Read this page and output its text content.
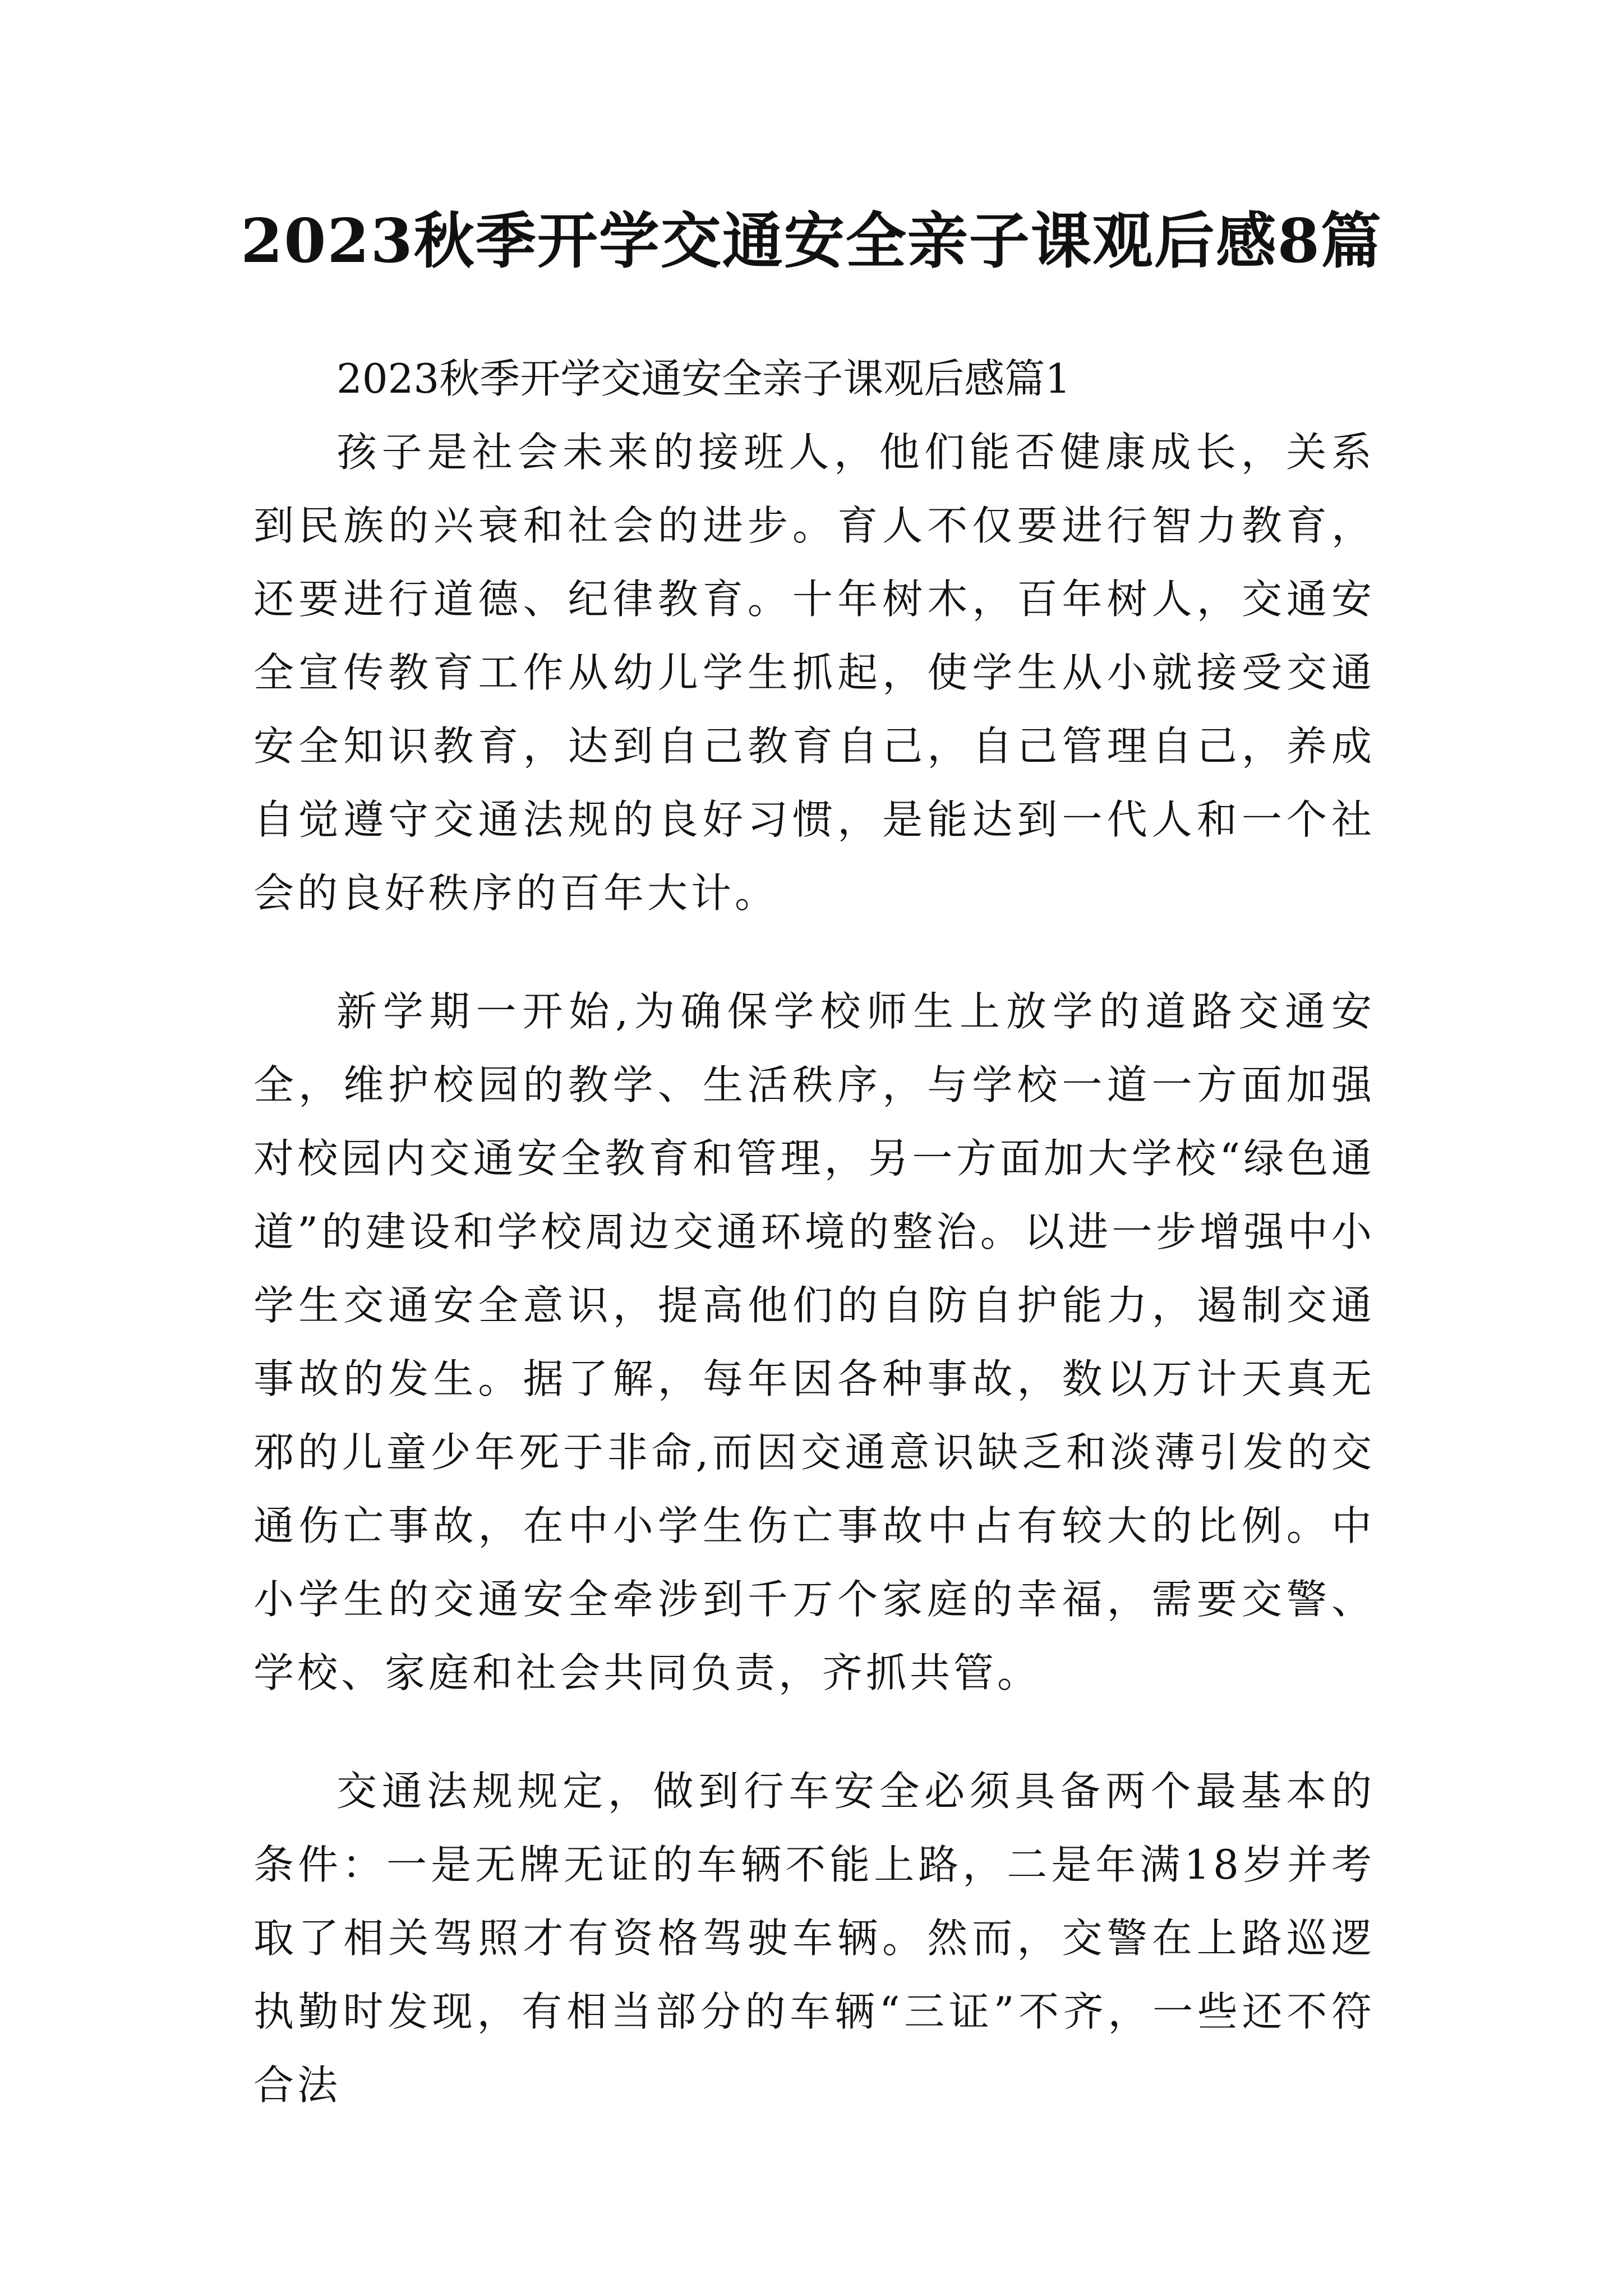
2023秋季开学交通安全亲子课观后感8篇
2023秋季开学交通安全亲子课观后感篇1

孩子是社会未来的接班人，他们能否健康成长，关系到民族的兴衰和社会的进步。育人不仅要进行智力教育，还要进行道德、纪律教育。十年树木，百年树人，交通安全宣传教育工作从幼儿学生抓起，使学生从小就接受交通安全知识教育，达到自己教育自己，自己管理自己，养成自觉遵守交通法规的良好习惯，是能达到一代人和一个社会的良好秩序的百年大计。

新学期一开始,为确保学校师生上放学的道路交通安全，维护校园的教学、生活秩序，与学校一道一方面加强对校园内交通安全教育和管理，另一方面加大学校“绿色通道”的建设和学校周边交通环境的整治。以进一步增强中小学生交通安全意识，提高他们的自防自护能力，遏制交通事故的发生。据了解，每年因各种事故，数以万计天真无邪的儿童少年死于非命,而因交通意识缺乏和淡薄引发的交通伤亡事故，在中小学生伤亡事故中占有较大的比例。中小学生的交通安全牵涉到千万个家庭的幸福，需要交警、学校、家庭和社会共同负责，齐抓共管。

交通法规规定，做到行车安全必须具备两个最基本的条件：一是无牌无证的车辆不能上路，二是年满18岁并考取了相关驾照才有资格驾驶车辆。然而，交警在上路巡逻执勤时发现，有相当部分的车辆“三证”不齐，一些还不符合法
